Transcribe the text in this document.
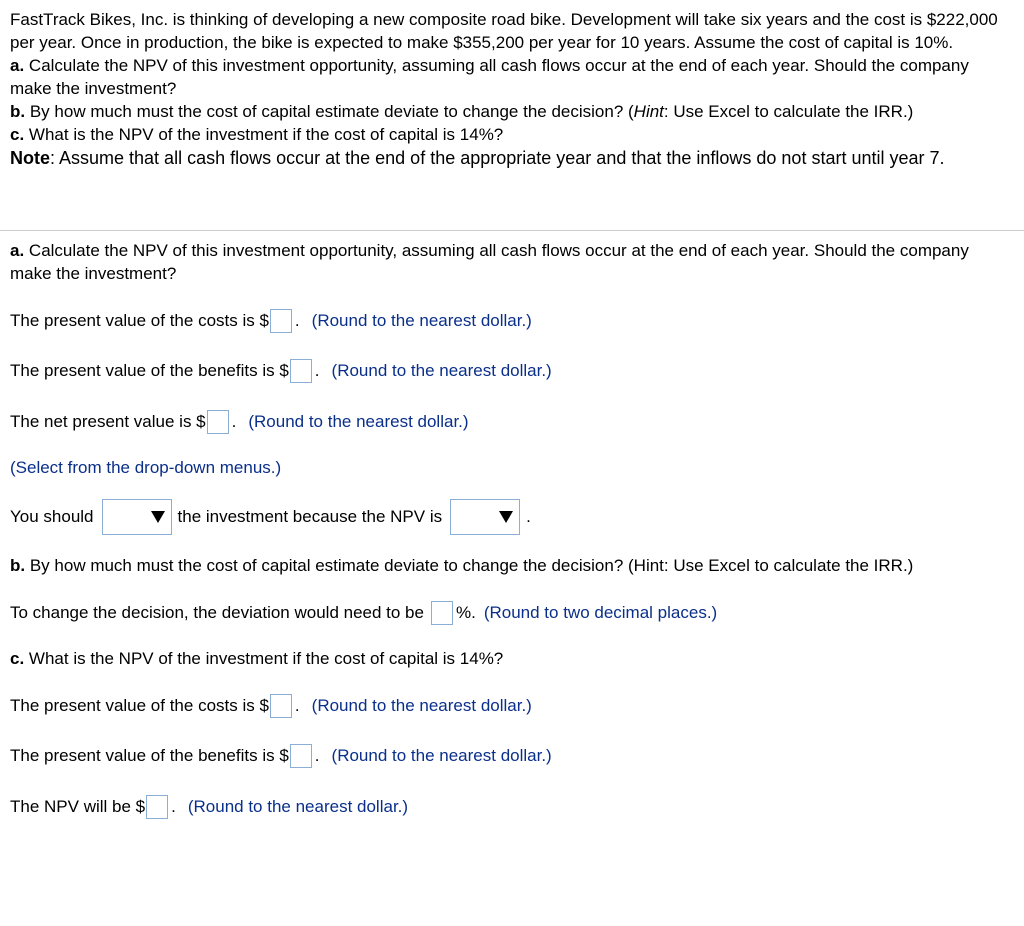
FastTrack Bikes, Inc. is thinking of developing a new composite road bike. Development will take six years and the cost is $222,000 per year. Once in production, the bike is expected to make $355,200 per year for 10 years. Assume the cost of capital is 10%.

a. Calculate the NPV of this investment opportunity, assuming all cash flows occur at the end of each year. Should the company make the investment?

b. By how much must the cost of capital estimate deviate to change the decision? (Hint: Use Excel to calculate the IRR.)

c. What is the NPV of the investment if the cost of capital is 14%?

Note: Assume that all cash flows occur at the end of the appropriate year and that the inflows do not start until year 7.

a. Calculate the NPV of this investment opportunity, assuming all cash flows occur at the end of each year. Should the company make the investment?
The present value of the costs is $ . (Round to the nearest dollar.)
The present value of the benefits is $ . (Round to the nearest dollar.)
The net present value is $ . (Round to the nearest dollar.)
(Select from the drop-down menus.)
You should	the investment because the NPV is	.
b.
By how much must the cost of capital estimate deviate to change the decision? (Hint: Use Excel to calculate the IRR.)
To change the decision, the deviation would need to be %. (Round to two decimal places.)
c.
What is the NPV of the investment if the cost of capital is 14%?
The present value of the costs is $ . (Round to the nearest dollar.)
The present value of the benefits is $ . (Round to the nearest dollar.)
The NPV will be $ . (Round to the nearest dollar.)
